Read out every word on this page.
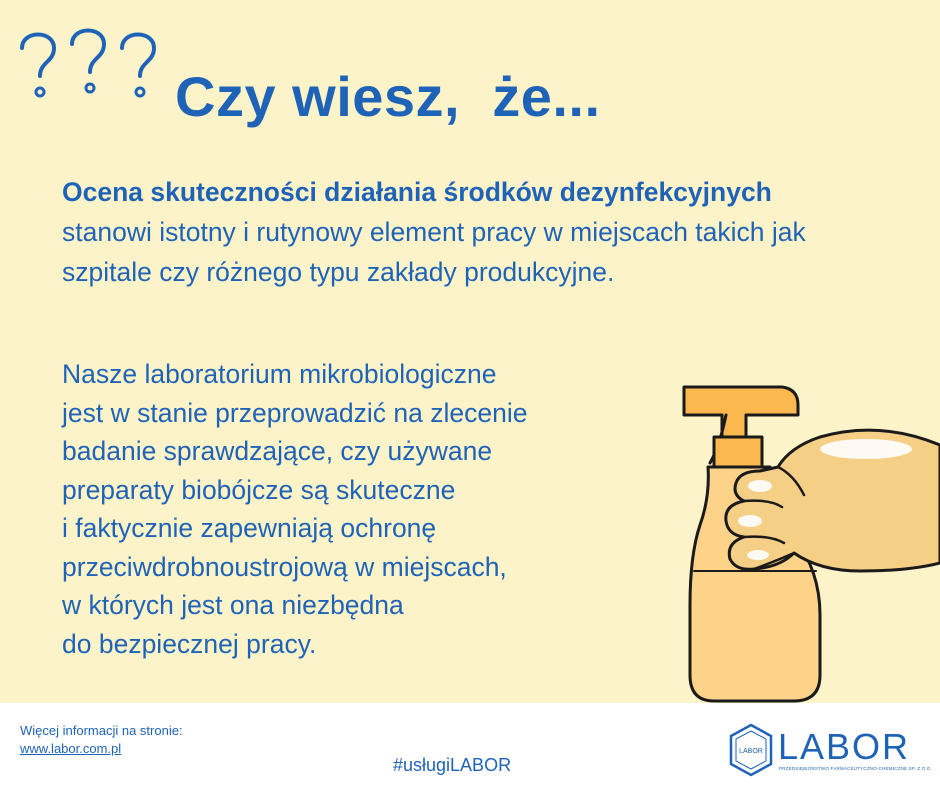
Czy wiesz,  że...

Ocena skuteczności działania środków dezynfekcyjnych stanowi istotny i rutynowy element pracy w miejscach takich jak szpitale czy różnego typu zakłady produkcyjne.

Nasze laboratorium mikrobiologiczne
jest w stanie przeprowadzić na zlecenie
badanie sprawdzające, czy używane
preparaty biobójcze są skuteczne
i faktycznie zapewniają ochronę
przeciwdrobnoustrojową w miejscach,
w których jest ona niezbędna
do bezpiecznej pracy.

Więcej informacji na stronie:
www.labor.com.pl
#usługiLABOR
LABOR LABOR
PRZEDSIĘBIORSTWO FARMACEUTYCZNO-CHEMICZNE SP. Z O.O.
